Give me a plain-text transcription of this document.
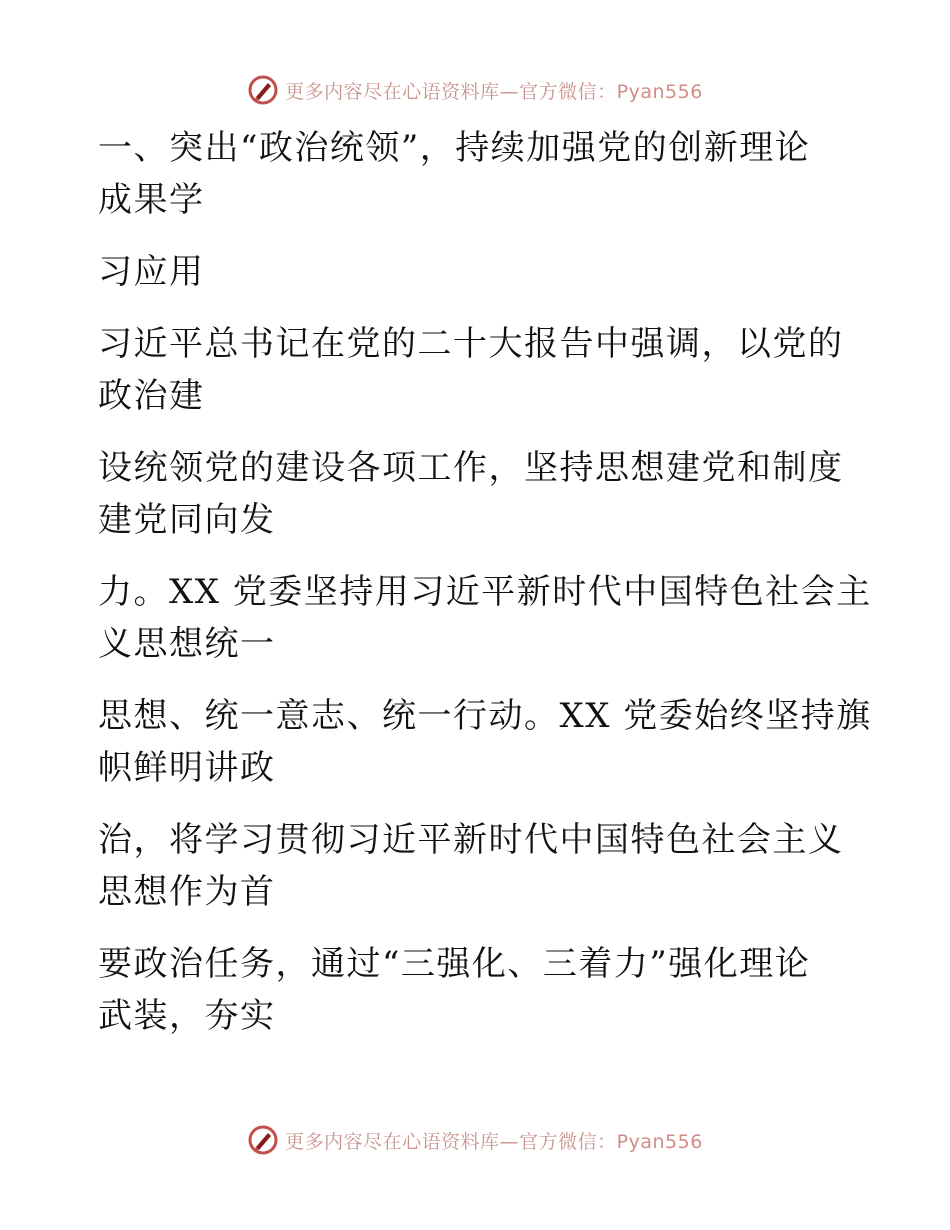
更多内容尽在心语资料库—官方微信：Pyan556
一、突出“政治统领”，持续加强党的创新理论
成果学
习应用
习近平总书记在党的二十大报告中强调，以党的
政治建
设统领党的建设各项工作，坚持思想建党和制度
建党同向发
力。XX 党委坚持用习近平新时代中国特色社会主
义思想统一
思想、统一意志、统一行动。XX 党委始终坚持旗
帜鲜明讲政
治，将学习贯彻习近平新时代中国特色社会主义
思想作为首
要政治任务，通过“三强化、三着力”强化理论
武装，夯实
更多内容尽在心语资料库—官方微信：Pyan556
